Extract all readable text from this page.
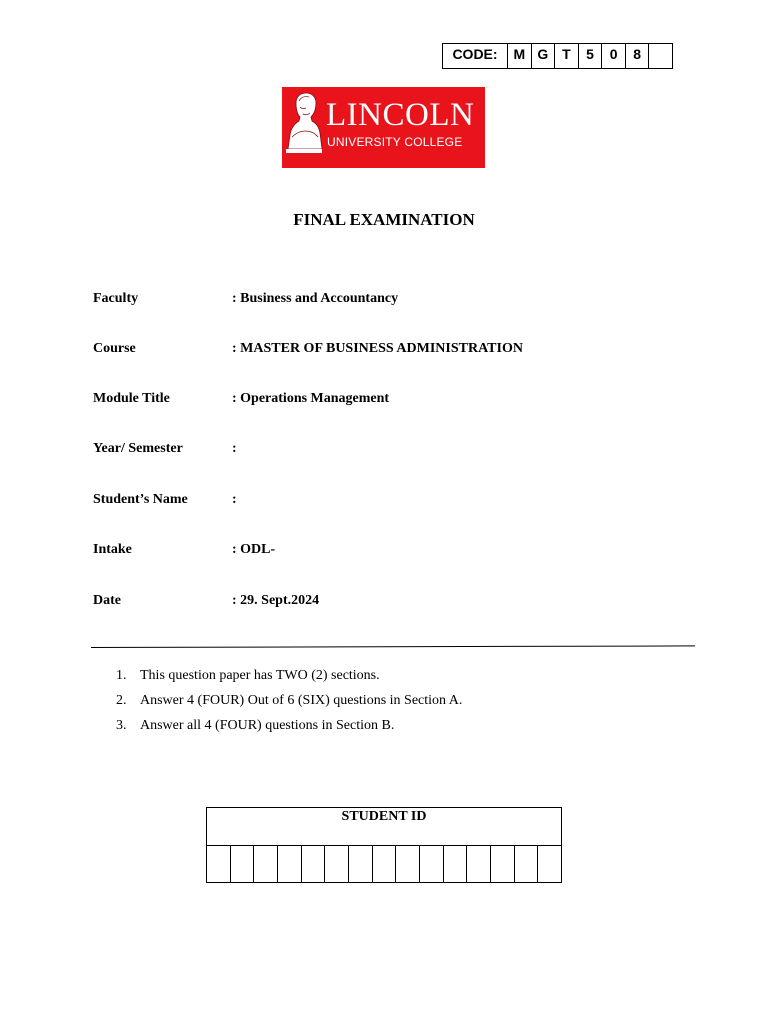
CODE:	M G T	5	0	8
LINCOLN
UNIVERSITY COLLEGE
FINAL EXAMINATION
Faculty	: Business and Accountancy
Course	: MASTER OF BUSINESS ADMINISTRATION
Module Title	: Operations Management
Year/ Semester	:
Student’s Name	:
Intake	: ODL-
Date	: 29. Sept.2024
1. This question paper has TWO (2) sections.
2. Answer 4 (FOUR) Out of 6 (SIX) questions in Section A.
3. Answer all 4 (FOUR) questions in Section B.
STUDENT ID
